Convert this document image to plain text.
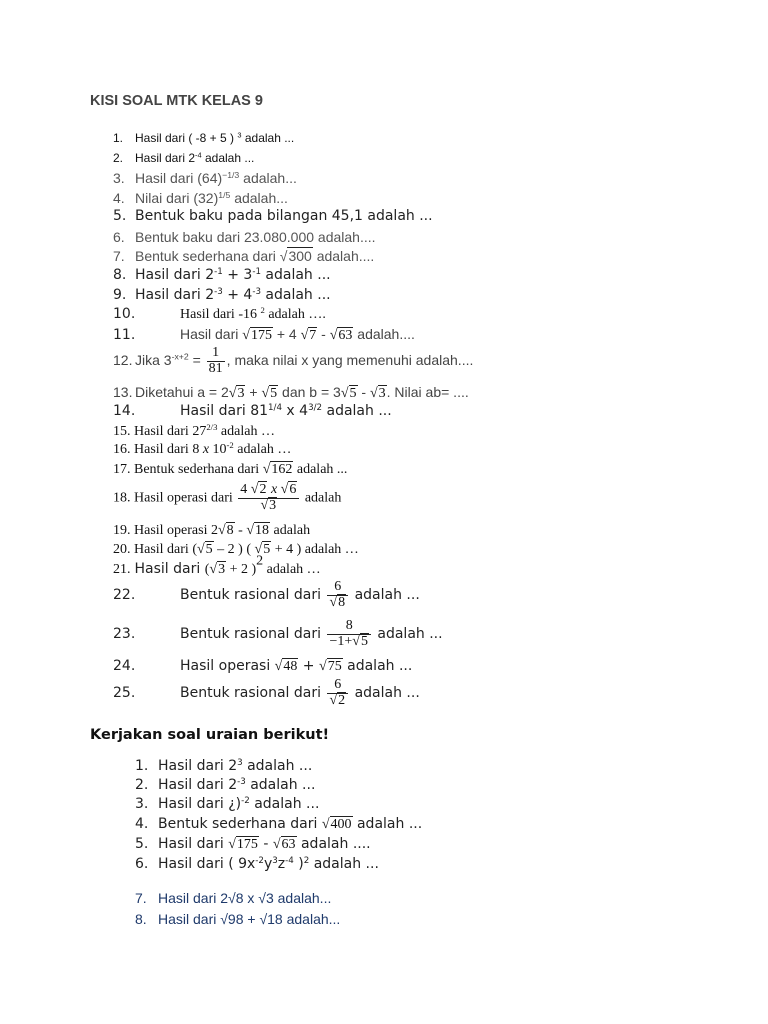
KISI SOAL MTK KELAS 9
1. Hasil dari ( -8 + 5 ) $^3$ adalah ...
2. Hasil dari $2^{-4}$ adalah ...
3. Hasil dari $(64)^{-1/3}$ adalah...
4. Nilai dari $(32)^{1/5}$ adalah...
5. Bentuk baku pada bilangan 45,1 adalah ...
6. Bentuk baku dari 23.080.000 adalah....
7. Bentuk sederhana dari √300 adalah....
8. Hasil dari $2^{-1} + 3^{-1}$ adalah ...
9. Hasil dari $2^{-3} + 4^{-3}$ adalah ...
10.	Hasil dari -16 $^2$ adalah ….
11.	Hasil dari √175 + 4 √7 - √63 adalah....
12. Jika $3^{-x+2} = \frac{1}{81}$ , maka nilai x yang memenuhi adalah....
13. Diketahui a = 2√3 + √5 dan b = 3√5 - √3. Nilai ab= ....
14.	Hasil dari $81^{1/4}$ x $4^{3/2}$ adalah ...
15. Hasil dari $27^{2/3}$ adalah …
16. Hasil dari 8 x $10^{-2}$ adalah …
17. Bentuk sederhana dari √162 adalah ...
18. Hasil operasi dari $\frac{4 √2 x √6}{√3}$ adalah
19. Hasil operasi 2√8 - √18 adalah
20. Hasil dari (√5 – 2 ) ( √5 + 4 ) adalah …
21. Hasil dari (√3 + 2 )$^2$ adalah …
22.	Bentuk rasional dari $\frac{6}{√8}$ adalah ...
23.	Bentuk rasional dari $\frac{8}{-1+√5}$ adalah ...
24.	Hasil operasi √48 + √75 adalah ...
25.	Bentuk rasional dari $\frac{6}{√2}$ adalah ...
Kerjakan soal uraian berikut!
1. Hasil dari $2^3$ adalah ...
2. Hasil dari $2^{-3}$ adalah ...
3. Hasil dari ¿)$^{-2}$ adalah ...
4. Bentuk sederhana dari √400 adalah ...
5. Hasil dari √175 - √63 adalah ....
6. Hasil dari ( $9x^{-2}y^3z^{-4}$ )$^2$ adalah ...
7. Hasil dari 2√8 x √3 adalah...
8. Hasil dari √98 + √18 adalah...
